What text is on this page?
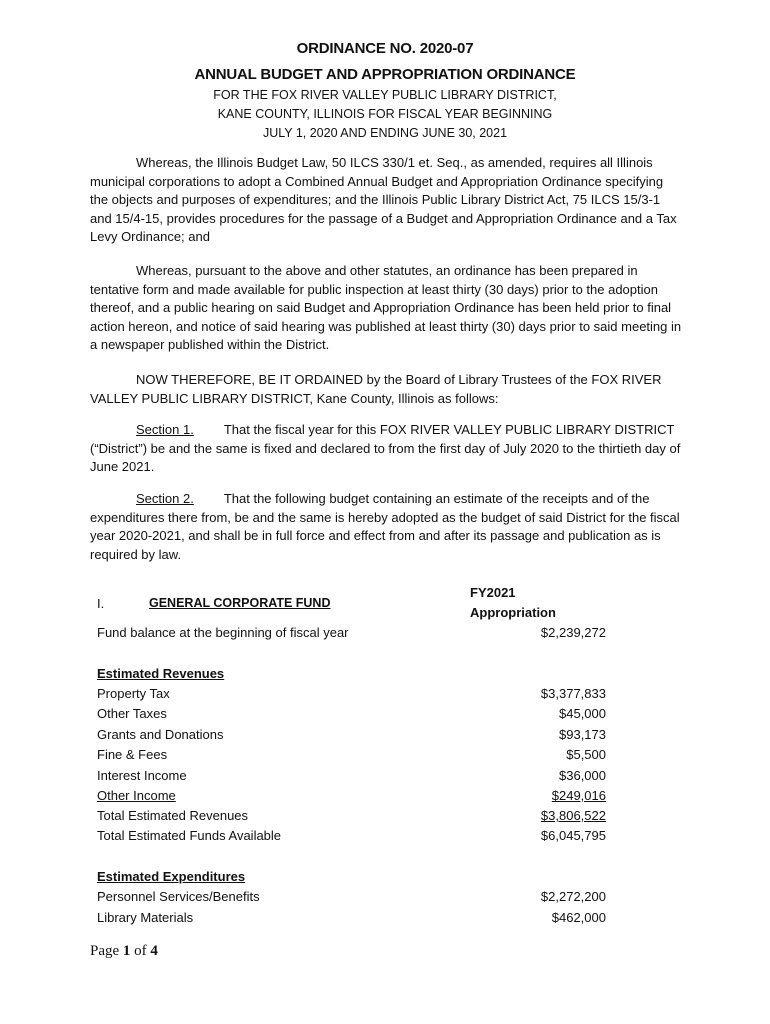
ORDINANCE NO. 2020-07
ANNUAL BUDGET AND APPROPRIATION ORDINANCE
FOR THE FOX RIVER VALLEY PUBLIC LIBRARY DISTRICT,
KANE COUNTY, ILLINOIS FOR FISCAL YEAR BEGINNING
JULY 1, 2020 AND ENDING JUNE 30, 2021
Whereas, the Illinois Budget Law, 50 ILCS 330/1 et. Seq., as amended, requires all Illinois municipal corporations to adopt a Combined Annual Budget and Appropriation Ordinance specifying the objects and purposes of expenditures; and the Illinois Public Library District Act, 75 ILCS 15/3-1 and 15/4-15, provides procedures for the passage of a Budget and Appropriation Ordinance and a Tax Levy Ordinance; and
Whereas, pursuant to the above and other statutes, an ordinance has been prepared in tentative form and made available for public inspection at least thirty (30 days) prior to the adoption thereof, and a public hearing on said Budget and Appropriation Ordinance has been held prior to final action hereon, and notice of said hearing was published at least thirty (30) days prior to said meeting in a newspaper published within the District.
NOW THEREFORE, BE IT ORDAINED by the Board of Library Trustees of the FOX RIVER VALLEY PUBLIC LIBRARY DISTRICT, Kane County, Illinois as follows:
Section 1. That the fiscal year for this FOX RIVER VALLEY PUBLIC LIBRARY DISTRICT (“District”) be and the same is fixed and declared to from the first day of July 2020 to the thirtieth day of June 2021.
Section 2. That the following budget containing an estimate of the receipts and of the expenditures there from, be and the same is hereby adopted as the budget of said District for the fiscal year 2020-2021, and shall be in full force and effect from and after its passage and publication as is required by law.
I.	GENERAL CORPORATE FUND
FY2021
Appropriation
Fund balance at the beginning of fiscal year	$2,239,272
Estimated Revenues
Property Tax	$3,377,833
Other Taxes	$45,000
Grants and Donations	$93,173
Fine & Fees	$5,500
Interest Income	$36,000
Other Income	$249,016
Total Estimated Revenues	$3,806,522
Total Estimated Funds Available	$6,045,795
Estimated Expenditures
Personnel Services/Benefits	$2,272,200
Library Materials	$462,000
Page 1 of 4
